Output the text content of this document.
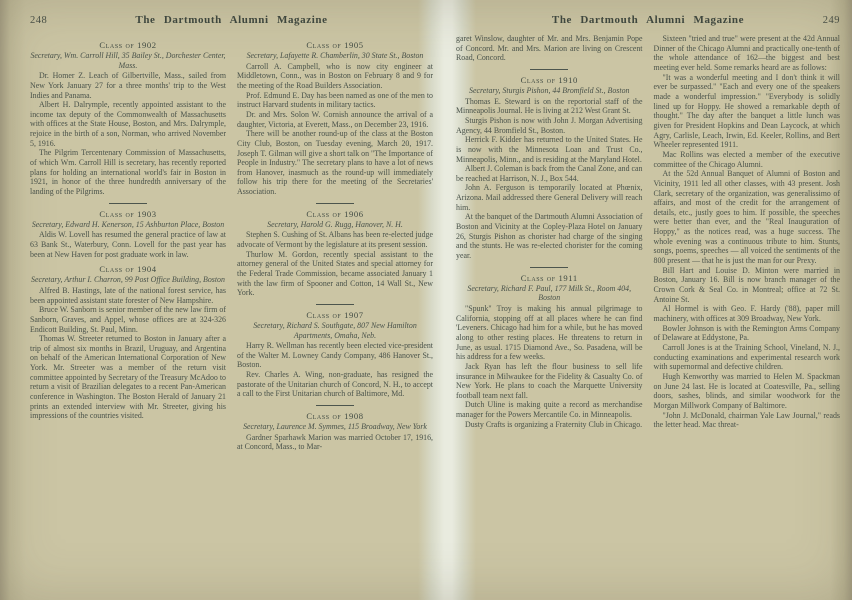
248	The Dartmouth Alumni Magazine
Class of 1902
Secretary, Wm. Carroll Hill, 35 Bailey St., Dorchester Center, Mass.

Dr. Homer Z. Leach of Gilbertville, Mass., sailed from New York January 27 for a three months' trip to the West Indies and Panama.

Albert H. Dalrymple, recently appointed assistant to the income tax deputy of the Commonwealth of Massachusetts with offices at the State House, Boston, and Mrs. Dalrymple, rejoice in the birth of a son, Norman, who arrived November 5, 1916.

The Pilgrim Tercentenary Commission of Massachusetts, of which Wm. Carroll Hill is secretary, has recently reported plans for holding an international world's fair in Boston in 1921, in honor of the three hundredth anniversary of the landing of the Pilgrims.

Class of 1903
Secretary, Edward H. Kenerson, 15 Ashburton Place, Boston

Aldis W. Lovell has resumed the general practice of law at 63 Bank St., Waterbury, Conn. Lovell for the past year has been at New Haven for post graduate work in law.

Class of 1904
Secretary, Arthur I. Charron, 99 Post Office Building, Boston

Alfred B. Hastings, late of the national forest service, has been appointed assistant state forester of New Hampshire.

Bruce W. Sanborn is senior member of the new law firm of Sanborn, Graves, and Appel, whose offices are at 324-326 Endicott Building, St. Paul, Minn.

Thomas W. Streeter returned to Boston in January after a trip of almost six months in Brazil, Uruguay, and Argentina on behalf of the American International Corporation of New York. Mr. Streeter was a member of the return visit committee appointed by Secretary of the Treasury McAdoo to return a visit of Brazilian delegates to a recent Pan-American conference in Washington. The Boston Herald of January 21 prints an extended interview with Mr. Streeter, giving his impressions of the countries visited.

Class of 1905
Secretary, Lafayette R. Chamberlin, 30 State St., Boston

Carroll A. Campbell, who is now city engineer at Middletown, Conn., was in Boston on February 8 and 9 for the meeting of the Road Builders Association.

Prof. Edmund E. Day has been named as one of the men to instruct Harvard students in military tactics.

Dr. and Mrs. Solon W. Cornish announce the arrival of a daughter, Victoria, at Everett, Mass., on December 23, 1916.

There will be another round-up of the class at the Boston City Club, Boston, on Tuesday evening, March 20, 1917. Joseph T. Gilman will give a short talk on "The Importance of People in Industry." The secretary plans to have a lot of news from Hanover, inasmuch as the round-up will immediately follow his trip there for the meeting of the Secretaries' Association.

Class of 1906
Secretary, Harold G. Rugg, Hanover, N. H.

Stephen S. Cushing of St. Albans has been re-elected judge advocate of Vermont by the legislature at its present session.

Thurlow M. Gordon, recently special assistant to the attorney general of the United States and special attorney for the Federal Trade Commission, became associated January 1 with the law firm of Spooner and Cotton, 14 Wall St., New York.

Class of 1907
Secretary, Richard S. Southgate, 807 New Hamilton Apartments, Omaha, Neb.

Harry R. Wellman has recently been elected vice-president of the Walter M. Lowney Candy Company, 486 Hanover St., Boston.

Rev. Charles A. Wing, non-graduate, has resigned the pastorate of the Unitarian church of Concord, N. H., to accept a call to the First Unitarian church of Baltimore, Md.

Class of 1908
Secretary, Laurence M. Symmes, 115 Broadway, New York

Gardner Sparhawk Marion was married October 17, 1916, at Concord, Mass., to Mar-

The Dartmouth Alumni Magazine	249

garet Winslow, daughter of Mr. and Mrs. Benjamin Pope of Concord. Mr. and Mrs. Marion are living on Crescent Road, Concord.

Class of 1910
Secretary, Sturgis Pishon, 44 Bromfield St., Boston

Thomas E. Steward is on the reportorial staff of the Minneapolis Journal. He is living at 212 West Grant St.

Sturgis Pishon is now with John J. Morgan Advertising Agency, 44 Bromfield St., Boston.

Herrick F. Kidder has returned to the United States. He is now with the Minnesota Loan and Trust Co., Minneapolis, Minn., and is residing at the Maryland Hotel.

Albert J. Coleman is back from the Canal Zone, and can be reached at Harrison, N. J., Box 544.

John A. Ferguson is temporarily located at Phœnix, Arizona. Mail addressed there General Delivery will reach him.

At the banquet of the Dartmouth Alumni Association of Boston and Vicinity at the Copley-Plaza Hotel on January 26, Sturgis Pishon as chorister had charge of the singing and the stunts. He was re-elected chorister for the coming year.

Class of 1911
Secretary, Richard F. Paul, 177 Milk St., Room 404, Boston

"Spunk" Troy is making his annual pilgrimage to California, stopping off at all places where he can find 'Leveners. Chicago had him for a while, but he has moved along to other resting places. He threatens to return in June, as usual. 1715 Diamond Ave., So. Pasadena, will be his address for a few weeks.

Jack Ryan has left the flour business to sell life insurance in Milwaukee for the Fidelity & Casualty Co. of New York. He plans to coach the Marquette University football team next fall.

Dutch Uline is making quite a record as merchandise manager for the Powers Mercantile Co. in Minneapolis.

Dusty Crafts is organizing a Fraternity Club in Chicago.

Sixteen "tried and true" were present at the 42d Annual Dinner of the Chicago Alumni and practically one-tenth of the whole attendance of 162—the biggest and best meeting ever held. Some remarks heard are as follows:

"It was a wonderful meeting and I don't think it will ever be surpassed." "Each and every one of the speakers made a wonderful impression." "Everybody is solidly lined up for Hoppy. He showed a remarkable depth of thought." The day after the banquet a little lunch was given for President Hopkins and Dean Laycock, at which Agry, Carlisle, Leach, Irwin, Ed. Keeler, Rollins, and Bert Wheeler represented 1911.

Mac Rollins was elected a member of the executive committee of the Chicago Alumni.

At the 52d Annual Banquet of Alumni of Boston and Vicinity, 1911 led all other classes, with 43 present. Josh Clark, secretary of the organization, was generalissimo of affairs, and most of the credit for the arrangement of details, etc., justly goes to him. If possible, the speeches were better than ever, and the "Real Inauguration of Hoppy," as the notices read, was a huge success. The whole evening was a continuous tribute to him. Stunts, songs, poems, speeches — all voiced the sentiments of the 800 present — that he is just the man for our Prexy.

Bill Hart and Louise D. Minton were married in Boston, January 16. Bill is now branch manager of the Crown Cork & Seal Co. in Montreal; office at 72 St. Antoine St.

Al Hormel is with Geo. F. Hardy ('88), paper mill machinery, with offices at 309 Broadway, New York.

Bowler Johnson is with the Remington Arms Company of Delaware at Eddystone, Pa.

Carroll Jones is at the Training School, Vineland, N. J., conducting examinations and experimental research work with supernormal and defective children.

Hugh Kenworthy was married to Helen M. Spackman on June 24 last. He is located at Coatesville, Pa., selling doors, sashes, blinds, and similar woodwork for the Morgan Millwork Company of Baltimore.

"John J. McDonald, chairman Yale Law Journal," reads the letter head. Mac threat-
